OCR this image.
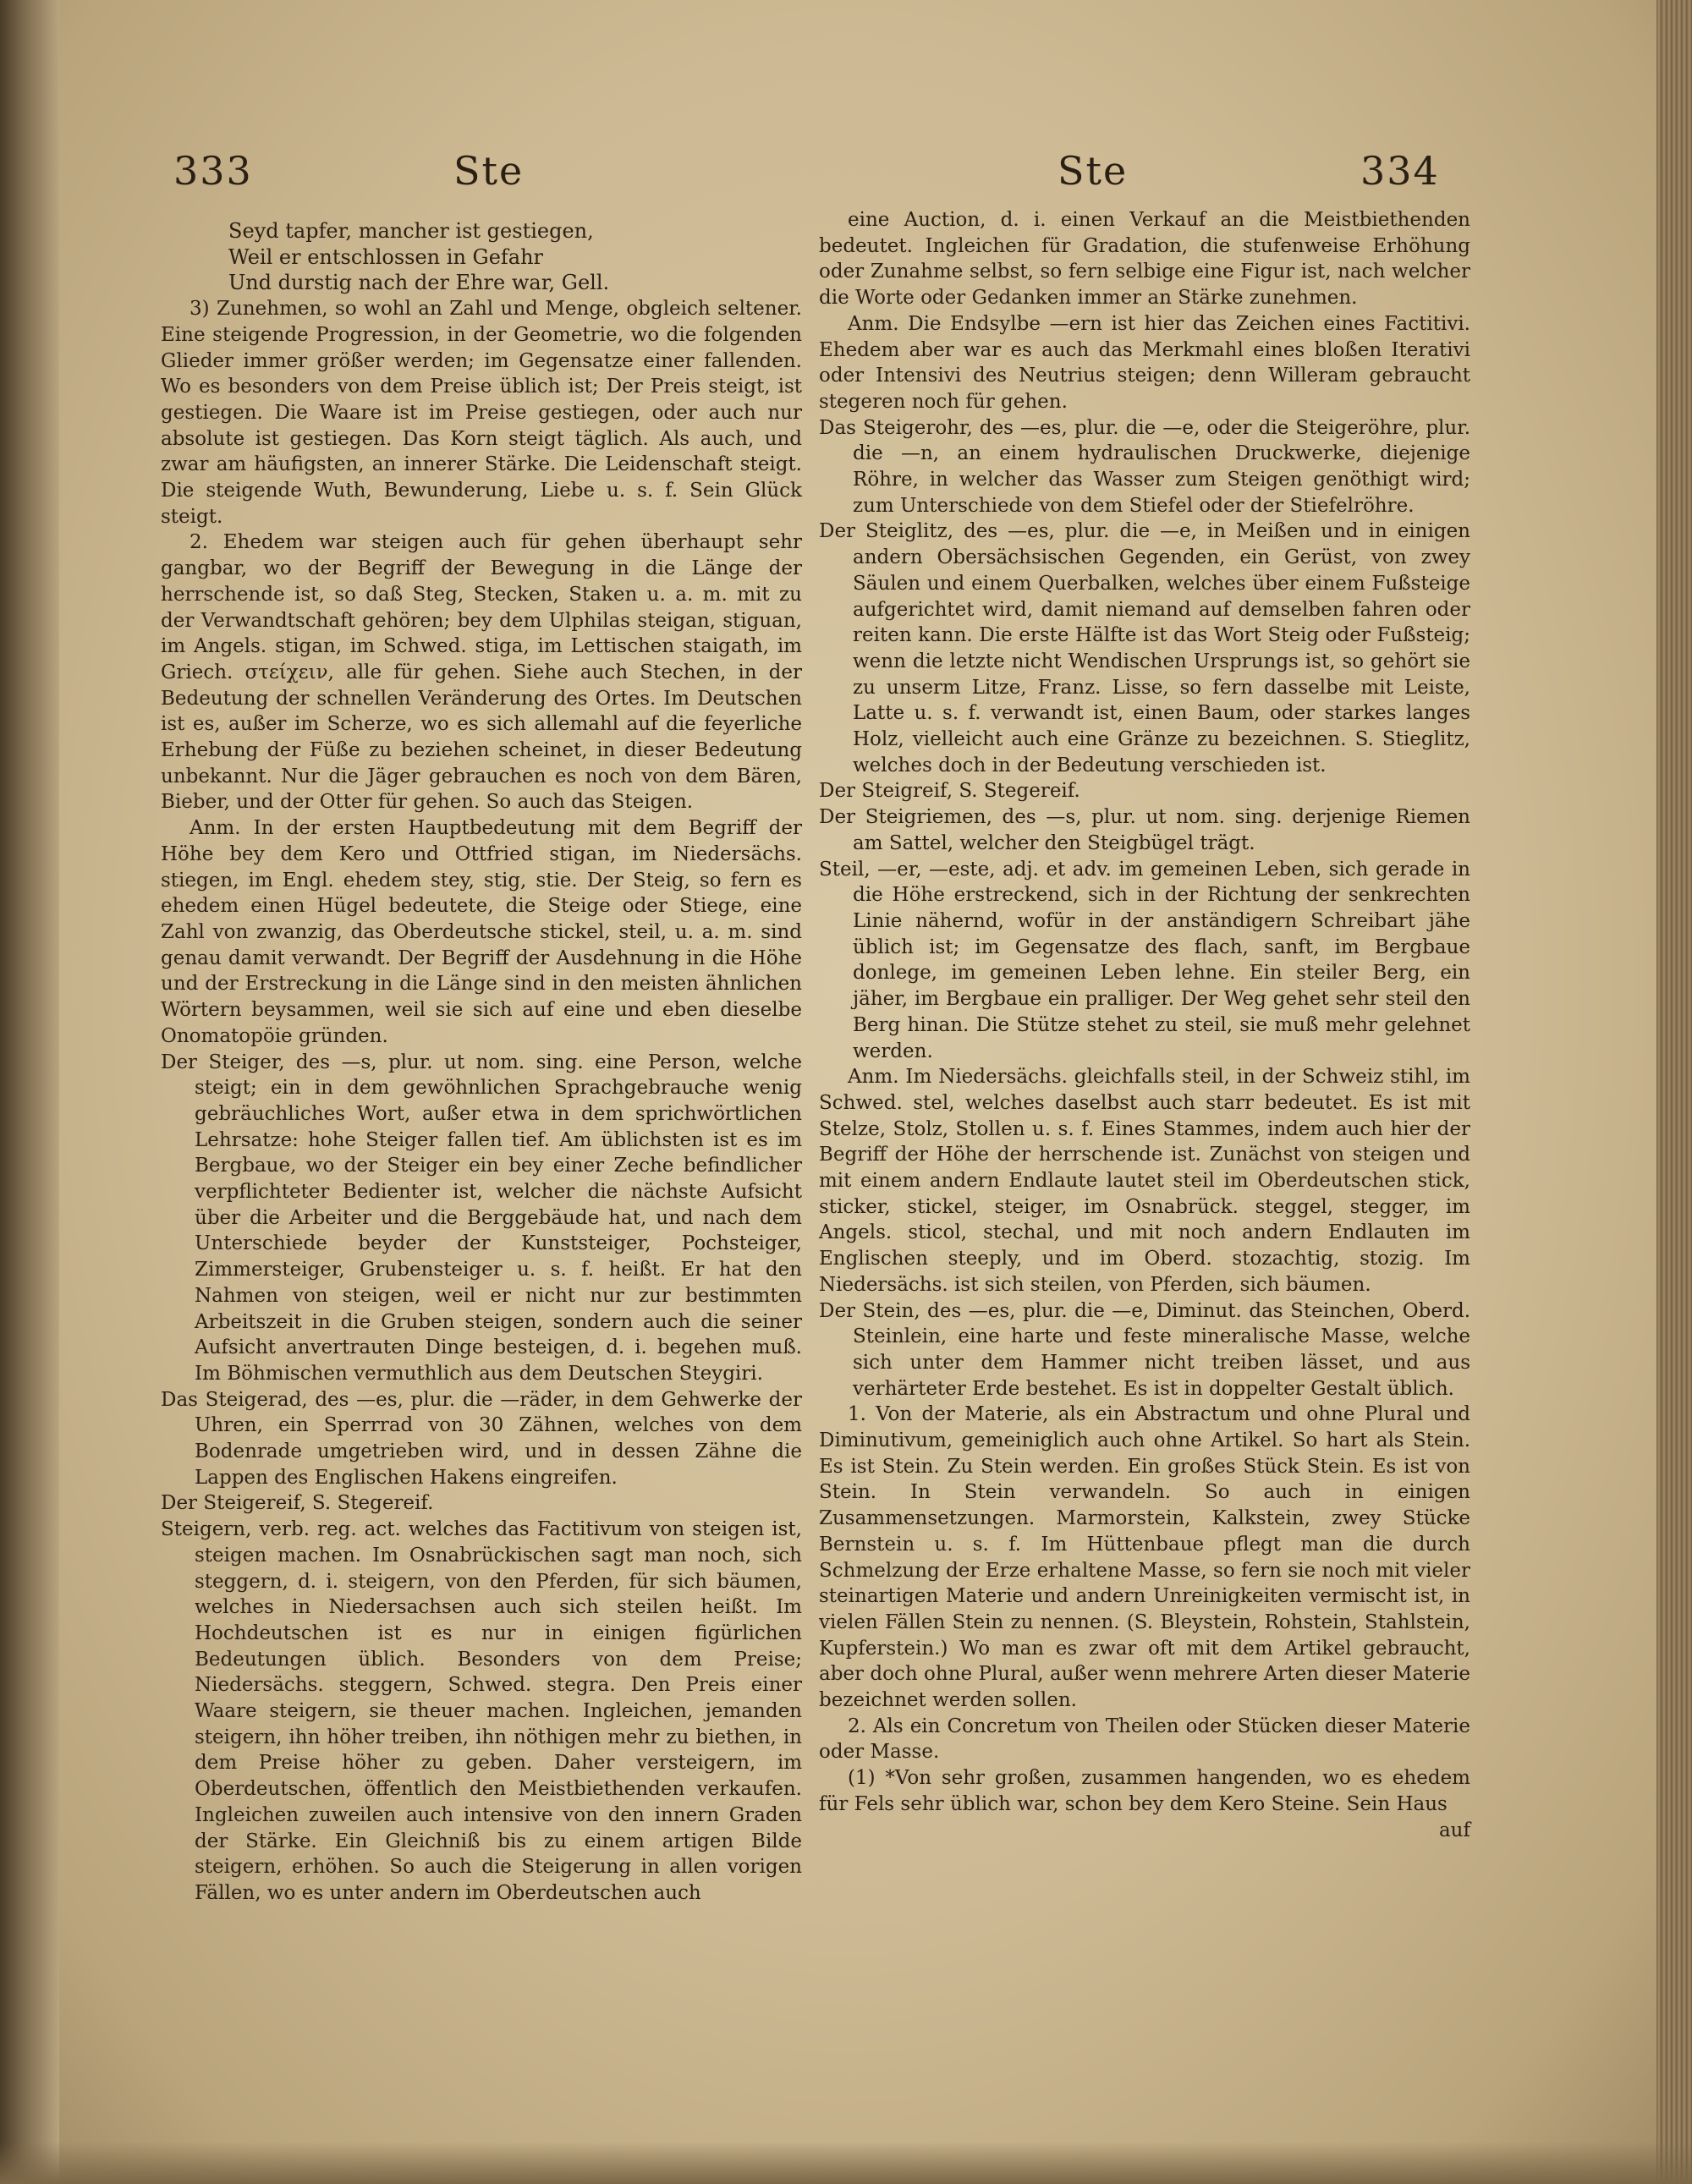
333	Ste	Ste	334

Seyd tapfer, mancher ist gestiegen,

Weil er entschlossen in Gefahr

Und durstig nach der Ehre war, Gell.

3) Zunehmen, so wohl an Zahl und Menge, obgleich seltener. Eine steigende Progression, in der Geometrie, wo die folgenden Glieder immer größer werden; im Gegensatze einer fallenden. Wo es besonders von dem Preise üblich ist; Der Preis steigt, ist gestiegen. Die Waare ist im Preise gestiegen, oder auch nur absolute ist gestiegen. Das Korn steigt täglich. Als auch, und zwar am häufigsten, an innerer Stärke. Die Leidenschaft steigt. Die steigende Wuth, Bewunderung, Liebe u. s. f. Sein Glück steigt.

2. Ehedem war steigen auch für gehen überhaupt sehr gangbar, wo der Begriff der Bewegung in die Länge der herrschende ist, so daß Steg, Stecken, Staken u. a. m. mit zu der Verwandtschaft gehören; bey dem Ulphilas steigan, stiguan, im Angels. stigan, im Schwed. stiga, im Lettischen staigath, im Griech. στείχειν, alle für gehen. Siehe auch Stechen, in der Bedeutung der schnellen Veränderung des Ortes. Im Deutschen ist es, außer im Scherze, wo es sich allemahl auf die feyerliche Erhebung der Füße zu beziehen scheinet, in dieser Bedeutung unbekannt. Nur die Jäger gebrauchen es noch von dem Bären, Bieber, und der Otter für gehen. So auch das Steigen.

Anm. In der ersten Hauptbedeutung mit dem Begriff der Höhe bey dem Kero und Ottfried stigan, im Niedersächs. stiegen, im Engl. ehedem stey, stig, stie. Der Steig, so fern es ehedem einen Hügel bedeutete, die Steige oder Stiege, eine Zahl von zwanzig, das Oberdeutsche stickel, steil, u. a. m. sind genau damit verwandt. Der Begriff der Ausdehnung in die Höhe und der Erstreckung in die Länge sind in den meisten ähnlichen Wörtern beysammen, weil sie sich auf eine und eben dieselbe Onomatopöie gründen.

Der Steiger, des —s, plur. ut nom. sing. eine Person, welche steigt; ein in dem gewöhnlichen Sprachgebrauche wenig gebräuchliches Wort, außer etwa in dem sprichwörtlichen Lehrsatze: hohe Steiger fallen tief. Am üblichsten ist es im Bergbaue, wo der Steiger ein bey einer Zeche befindlicher verpflichteter Bedienter ist, welcher die nächste Aufsicht über die Arbeiter und die Berggebäude hat, und nach dem Unterschiede beyder der Kunststeiger, Pochsteiger, Zimmersteiger, Grubensteiger u. s. f. heißt. Er hat den Nahmen von steigen, weil er nicht nur zur bestimmten Arbeitszeit in die Gruben steigen, sondern auch die seiner Aufsicht anvertrauten Dinge besteigen, d. i. begehen muß. Im Böhmischen vermuthlich aus dem Deutschen Steygiri.

Das Steigerad, des —es, plur. die —räder, in dem Gehwerke der Uhren, ein Sperrrad von 30 Zähnen, welches von dem Bodenrade umgetrieben wird, und in dessen Zähne die Lappen des Englischen Hakens eingreifen.

Der Steigereif, S. Stegereif.

Steigern, verb. reg. act. welches das Factitivum von steigen ist, steigen machen. Im Osnabrückischen sagt man noch, sich steggern, d. i. steigern, von den Pferden, für sich bäumen, welches in Niedersachsen auch sich steilen heißt. Im Hochdeutschen ist es nur in einigen figürlichen Bedeutungen üblich. Besonders von dem Preise; Niedersächs. steggern, Schwed. stegra. Den Preis einer Waare steigern, sie theuer machen. Ingleichen, jemanden steigern, ihn höher treiben, ihn nöthigen mehr zu biethen, in dem Preise höher zu geben. Daher versteigern, im Oberdeutschen, öffentlich den Meistbiethenden verkaufen. Ingleichen zuweilen auch intensive von den innern Graden der Stärke. Ein Gleichniß bis zu einem artigen Bilde steigern, erhöhen. So auch die Steigerung in allen vorigen Fällen, wo es unter andern im Oberdeutschen auch

eine Auction, d. i. einen Verkauf an die Meistbiethenden bedeutet. Ingleichen für Gradation, die stufenweise Erhöhung oder Zunahme selbst, so fern selbige eine Figur ist, nach welcher die Worte oder Gedanken immer an Stärke zunehmen.

Anm. Die Endsylbe —ern ist hier das Zeichen eines Factitivi. Ehedem aber war es auch das Merkmahl eines bloßen Iterativi oder Intensivi des Neutrius steigen; denn Willeram gebraucht stegeren noch für gehen.

Das Steigerohr, des —es, plur. die —e, oder die Steigeröhre, plur. die —n, an einem hydraulischen Druckwerke, diejenige Röhre, in welcher das Wasser zum Steigen genöthigt wird; zum Unterschiede von dem Stiefel oder der Stiefelröhre.

Der Steiglitz, des —es, plur. die —e, in Meißen und in einigen andern Obersächsischen Gegenden, ein Gerüst, von zwey Säulen und einem Querbalken, welches über einem Fußsteige aufgerichtet wird, damit niemand auf demselben fahren oder reiten kann. Die erste Hälfte ist das Wort Steig oder Fußsteig; wenn die letzte nicht Wendischen Ursprungs ist, so gehört sie zu unserm Litze, Franz. Lisse, so fern dasselbe mit Leiste, Latte u. s. f. verwandt ist, einen Baum, oder starkes langes Holz, vielleicht auch eine Gränze zu bezeichnen. S. Stieglitz, welches doch in der Bedeutung verschieden ist.

Der Steigreif, S. Stegereif.

Der Steigriemen, des —s, plur. ut nom. sing. derjenige Riemen am Sattel, welcher den Steigbügel trägt.

Steil, —er, —este, adj. et adv. im gemeinen Leben, sich gerade in die Höhe erstreckend, sich in der Richtung der senkrechten Linie nähernd, wofür in der anständigern Schreibart jähe üblich ist; im Gegensatze des flach, sanft, im Bergbaue donlege, im gemeinen Leben lehne. Ein steiler Berg, ein jäher, im Bergbaue ein pralliger. Der Weg gehet sehr steil den Berg hinan. Die Stütze stehet zu steil, sie muß mehr gelehnet werden.

Anm. Im Niedersächs. gleichfalls steil, in der Schweiz stihl, im Schwed. stel, welches daselbst auch starr bedeutet. Es ist mit Stelze, Stolz, Stollen u. s. f. Eines Stammes, indem auch hier der Begriff der Höhe der herrschende ist. Zunächst von steigen und mit einem andern Endlaute lautet steil im Oberdeutschen stick, sticker, stickel, steiger, im Osnabrück. steggel, stegger, im Angels. sticol, stechal, und mit noch andern Endlauten im Englischen steeply, und im Oberd. stozachtig, stozig. Im Niedersächs. ist sich steilen, von Pferden, sich bäumen.

Der Stein, des —es, plur. die —e, Diminut. das Steinchen, Oberd. Steinlein, eine harte und feste mineralische Masse, welche sich unter dem Hammer nicht treiben lässet, und aus verhärteter Erde bestehet. Es ist in doppelter Gestalt üblich.

1. Von der Materie, als ein Abstractum und ohne Plural und Diminutivum, gemeiniglich auch ohne Artikel. So hart als Stein. Es ist Stein. Zu Stein werden. Ein großes Stück Stein. Es ist von Stein. In Stein verwandeln. So auch in einigen Zusammensetzungen. Marmorstein, Kalkstein, zwey Stücke Bernstein u. s. f. Im Hüttenbaue pflegt man die durch Schmelzung der Erze erhaltene Masse, so fern sie noch mit vieler steinartigen Materie und andern Unreinigkeiten vermischt ist, in vielen Fällen Stein zu nennen. (S. Bleystein, Rohstein, Stahlstein, Kupferstein.) Wo man es zwar oft mit dem Artikel gebraucht, aber doch ohne Plural, außer wenn mehrere Arten dieser Materie bezeichnet werden sollen.

2. Als ein Concretum von Theilen oder Stücken dieser Materie oder Masse.

(1) *Von sehr großen, zusammen hangenden, wo es ehedem für Fels sehr üblich war, schon bey dem Kero Steine. Sein Haus

auf
